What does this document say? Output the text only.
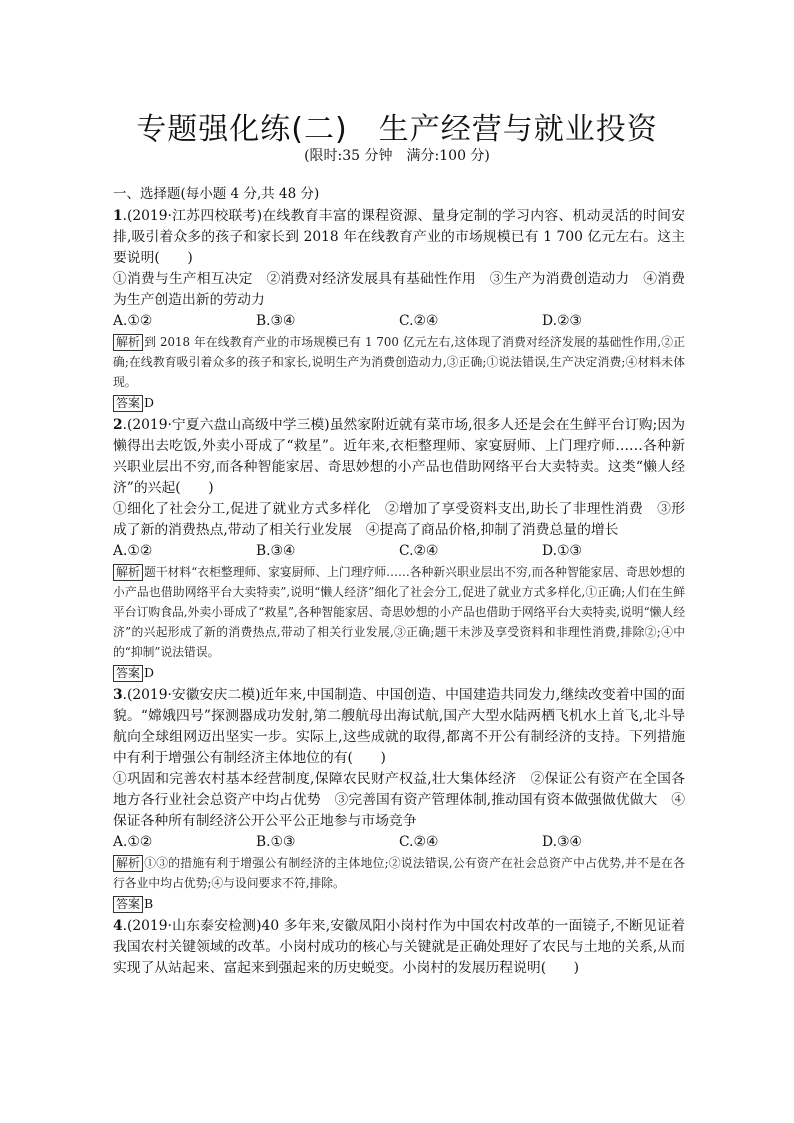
专题强化练(二)　生产经营与就业投资
(限时:35 分钟　满分:100 分)

一、选择题(每小题 4 分,共 48 分)

1.(2019·江苏四校联考)在线教育丰富的课程资源、量身定制的学习内容、机动灵活的时间安排,吸引着众多的孩子和家长到 2018 年在线教育产业的市场规模已有 1 700 亿元左右。这主要说明(　　)

①消费与生产相互决定　②消费对经济发展具有基础性作用　③生产为消费创造动力　④消费为生产创造出新的劳动力

A.①②	B.③④	C.②④	D.②③

解析 到 2018 年在线教育产业的市场规模已有 1 700 亿元左右,这体现了消费对经济发展的基础性作用,②正确;在线教育吸引着众多的孩子和家长,说明生产为消费创造动力,③正确;①说法错误,生产决定消费;④材料未体现。

答案 D

2.(2019·宁夏六盘山高级中学三模)虽然家附近就有菜市场,很多人还是会在生鲜平台订购;因为懒得出去吃饭,外卖小哥成了“救星”。近年来,衣柜整理师、家宴厨师、上门理疗师……各种新兴职业层出不穷,而各种智能家居、奇思妙想的小产品也借助网络平台大卖特卖。这类“懒人经济”的兴起(　　)

①细化了社会分工,促进了就业方式多样化　②增加了享受资料支出,助长了非理性消费　③形成了新的消费热点,带动了相关行业发展　④提高了商品价格,抑制了消费总量的增长

A.①②	B.③④	C.②④	D.①③

解析 题干材料“衣柜整理师、家宴厨师、上门理疗师……各种新兴职业层出不穷,而各种智能家居、奇思妙想的小产品也借助网络平台大卖特卖”,说明“懒人经济”细化了社会分工,促进了就业方式多样化,①正确;人们在生鲜平台订购食品,外卖小哥成了“救星”,各种智能家居、奇思妙想的小产品也借助于网络平台大卖特卖,说明“懒人经济”的兴起形成了新的消费热点,带动了相关行业发展,③正确;题干未涉及享受资料和非理性消费,排除②;④中的“抑制”说法错误。

答案 D

3.(2019·安徽安庆二模)近年来,中国制造、中国创造、中国建造共同发力,继续改变着中国的面貌。“嫦娥四号”探测器成功发射,第二艘航母出海试航,国产大型水陆两栖飞机水上首飞,北斗导航向全球组网迈出坚实一步。实际上,这些成就的取得,都离不开公有制经济的支持。下列措施中有利于增强公有制经济主体地位的有(　　)

①巩固和完善农村基本经营制度,保障农民财产权益,壮大集体经济　②保证公有资产在全国各地方各行业社会总资产中均占优势　③完善国有资产管理体制,推动国有资本做强做优做大　④保证各种所有制经济公开公平公正地参与市场竞争

A.①②	B.①③	C.②④	D.③④

解析 ①③的措施有利于增强公有制经济的主体地位;②说法错误,公有资产在社会总资产中占优势,并不是在各行各业中均占优势;④与设问要求不符,排除。

答案 B

4.(2019·山东泰安检测)40 多年来,安徽凤阳小岗村作为中国农村改革的一面镜子,不断见证着我国农村关键领域的改革。小岗村成功的核心与关键就是正确处理好了农民与土地的关系,从而实现了从站起来、富起来到强起来的历史蜕变。小岗村的发展历程说明(　　)
